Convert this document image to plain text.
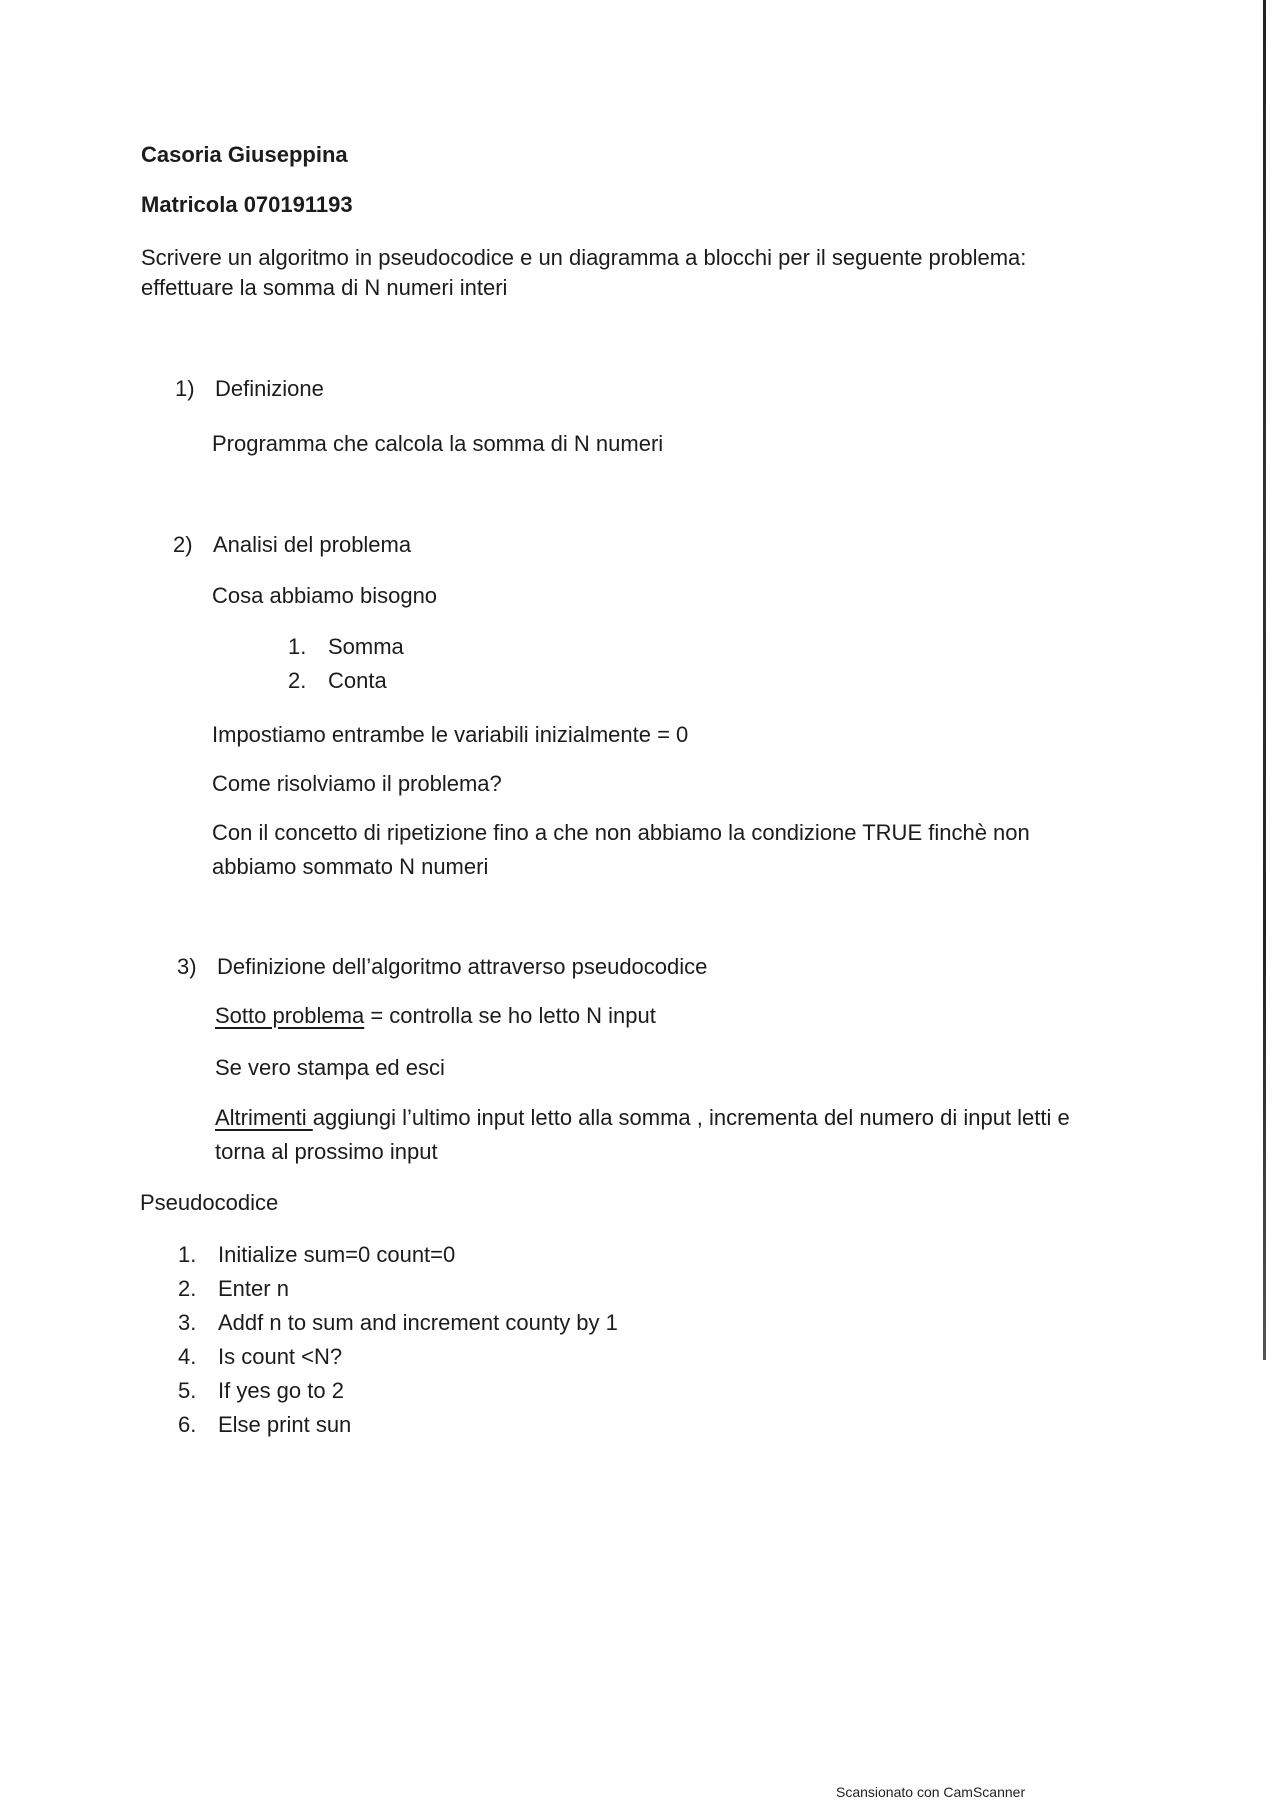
Casoria Giuseppina
Matricola 070191193
Scrivere un algoritmo in pseudocodice e un diagramma a blocchi per il seguente problema:
effettuare la somma di N numeri interi
1) Definizione
Programma che calcola la somma di N numeri
2) Analisi del problema
Cosa abbiamo bisogno
1. Somma
2. Conta
Impostiamo entrambe le variabili inizialmente = 0
Come risolviamo il problema?
Con il concetto di ripetizione fino a che non abbiamo la condizione TRUE finchè non
abbiamo sommato N numeri
3) Definizione dell’algoritmo attraverso pseudocodice
Sotto problema = controlla se ho letto N input
Se vero stampa ed esci
Altrimenti aggiungi l’ultimo input letto alla somma , incrementa del numero di input letti e
torna al prossimo input
Pseudocodice
1. Initialize sum=0 count=0
2. Enter n
3. Addf n to sum and increment county by 1
4. Is count <N?
5. If yes go to 2
6. Else print sun
Scansionato con CamScanner
